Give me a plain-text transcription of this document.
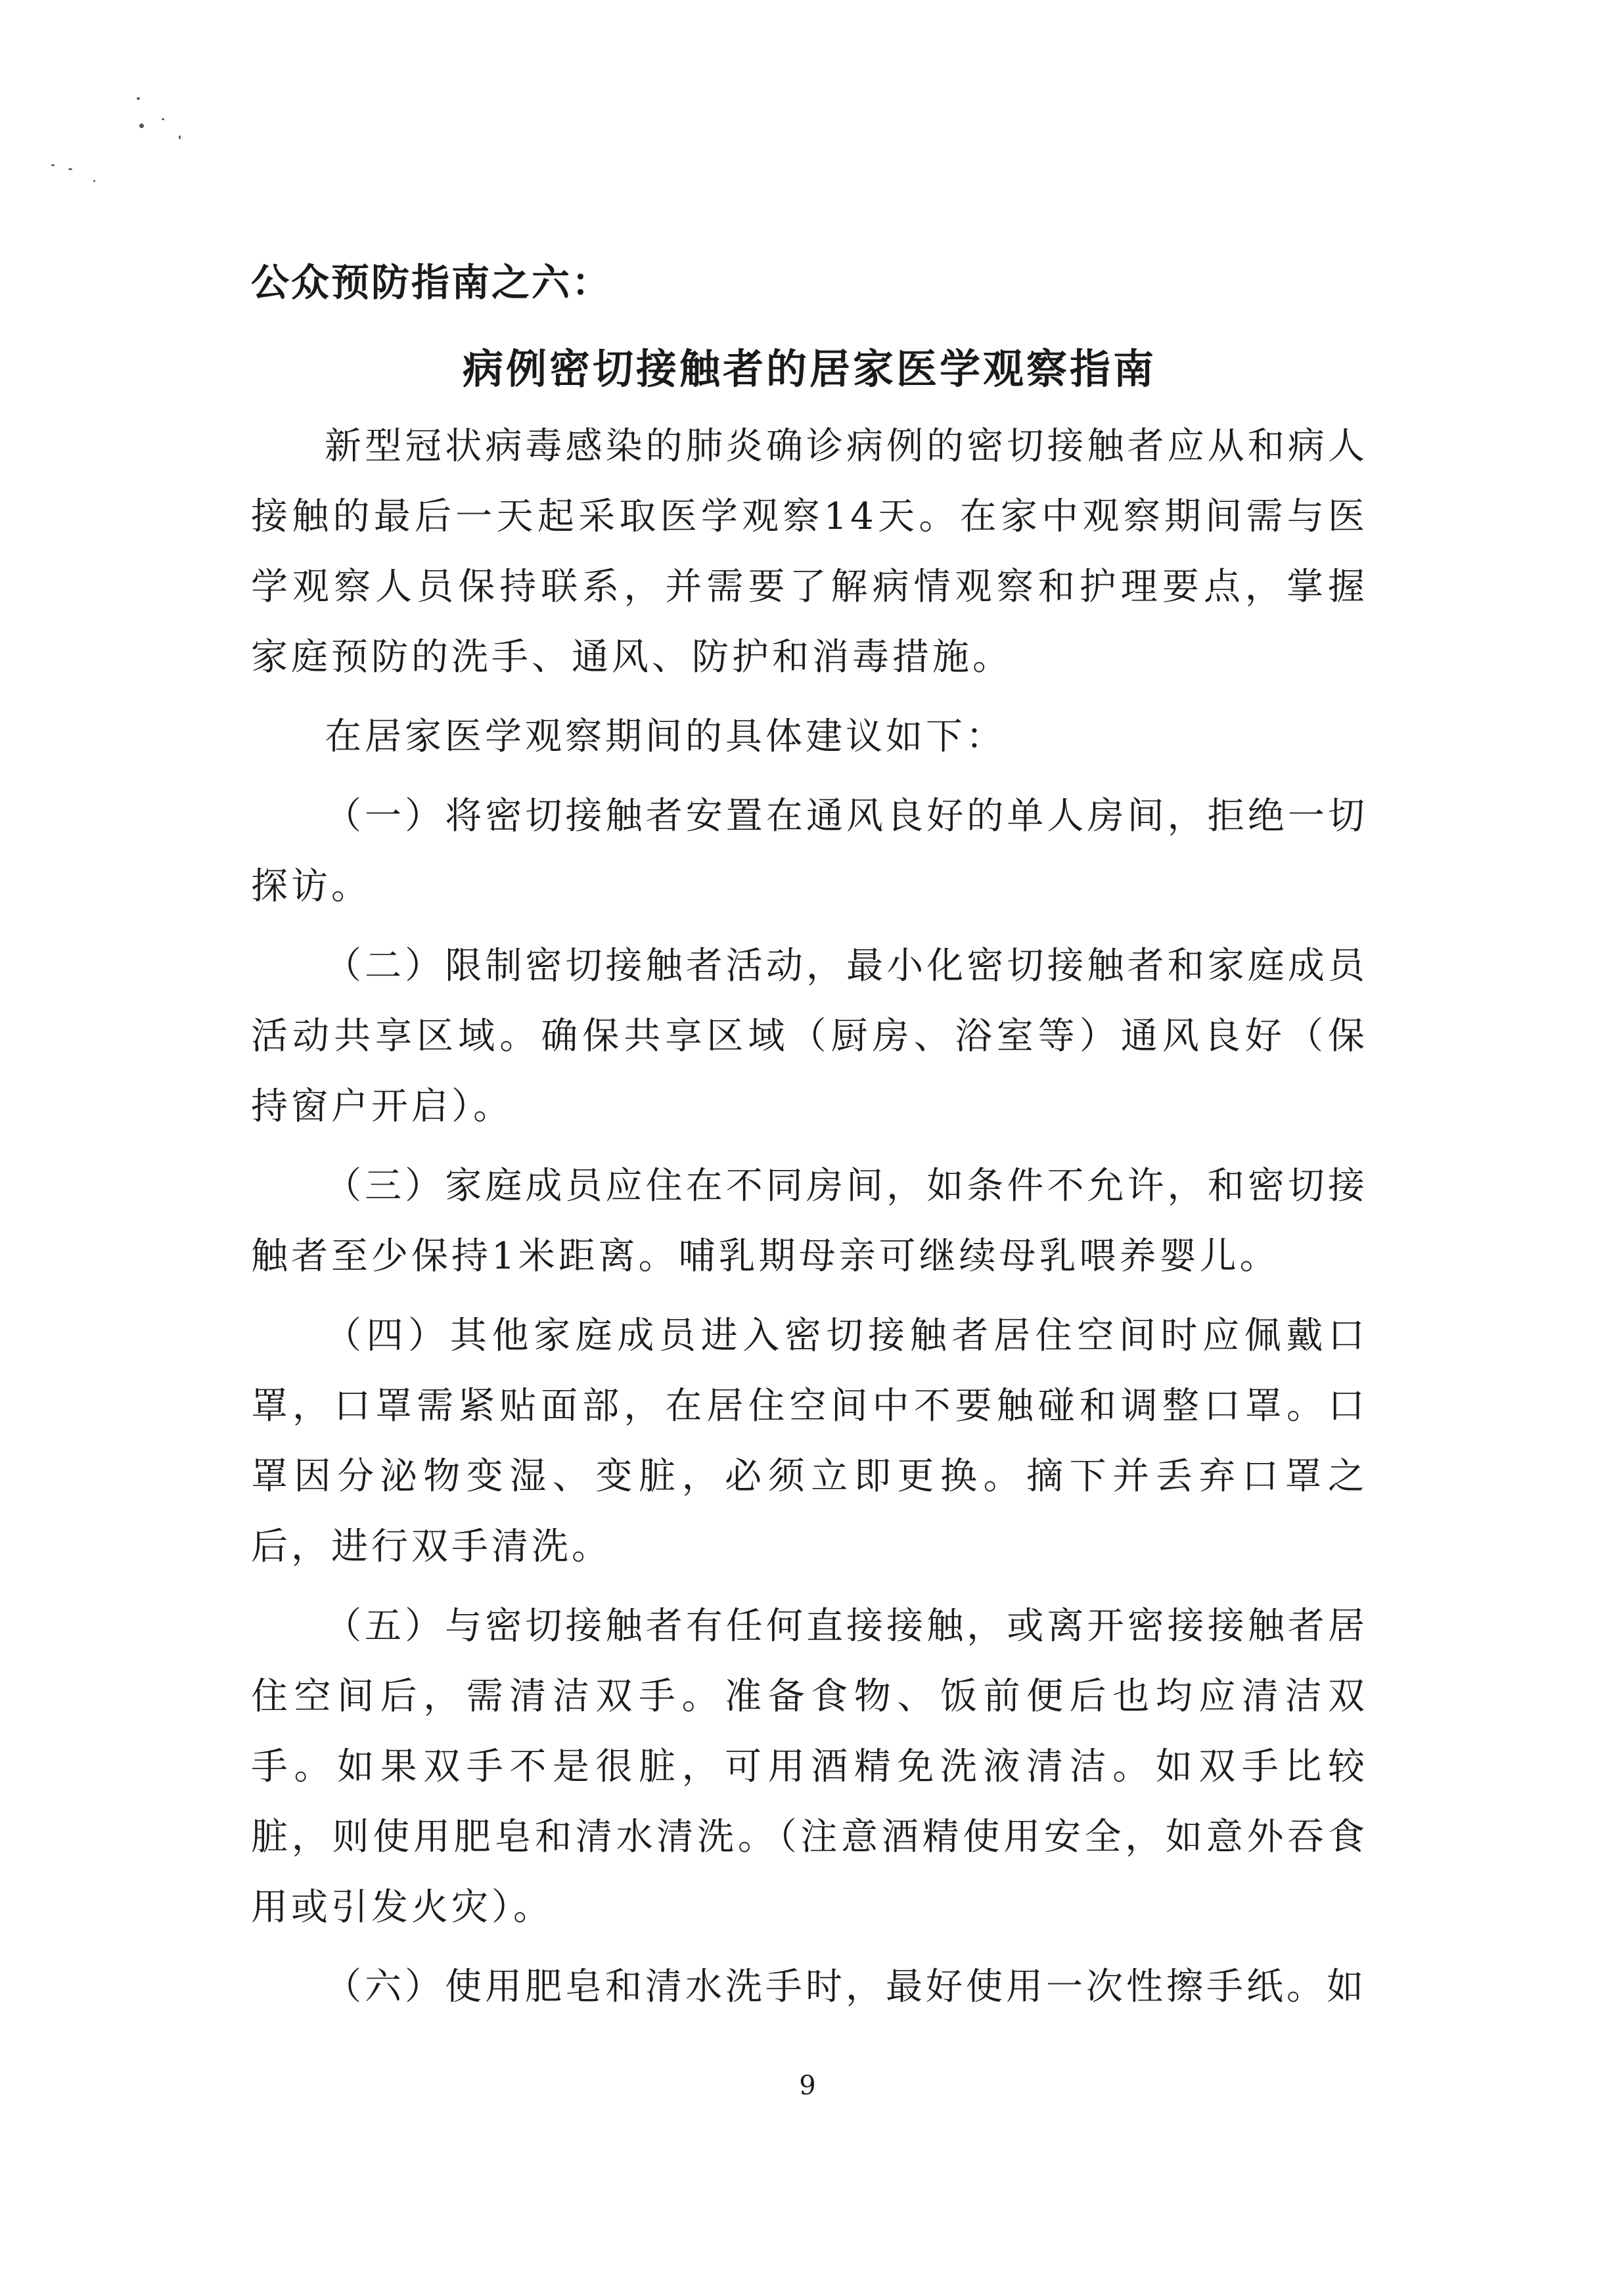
公众预防指南之六：

病例密切接触者的居家医学观察指南

新型冠状病毒感染的肺炎确诊病例的密切接触者应从和病人接触的最后一天起采取医学观察14天。在家中观察期间需与医学观察人员保持联系，并需要了解病情观察和护理要点，掌握家庭预防的洗手、通风、防护和消毒措施。

在居家医学观察期间的具体建议如下：

（一）将密切接触者安置在通风良好的单人房间，拒绝一切探访。

（二）限制密切接触者活动，最小化密切接触者和家庭成员活动共享区域。确保共享区域（厨房、浴室等）通风良好（保持窗户开启）。

（三）家庭成员应住在不同房间，如条件不允许，和密切接触者至少保持1米距离。哺乳期母亲可继续母乳喂养婴儿。

（四）其他家庭成员进入密切接触者居住空间时应佩戴口罩，口罩需紧贴面部，在居住空间中不要触碰和调整口罩。口罩因分泌物变湿、变脏，必须立即更换。摘下并丢弃口罩之后，进行双手清洗。

（五）与密切接触者有任何直接接触，或离开密接接触者居住空间后，需清洁双手。准备食物、饭前便后也均应清洁双手。如果双手不是很脏，可用酒精免洗液清洁。如双手比较脏，则使用肥皂和清水清洗。（注意酒精使用安全，如意外吞食用或引发火灾）。

（六）使用肥皂和清水洗手时，最好使用一次性擦手纸。如

9
